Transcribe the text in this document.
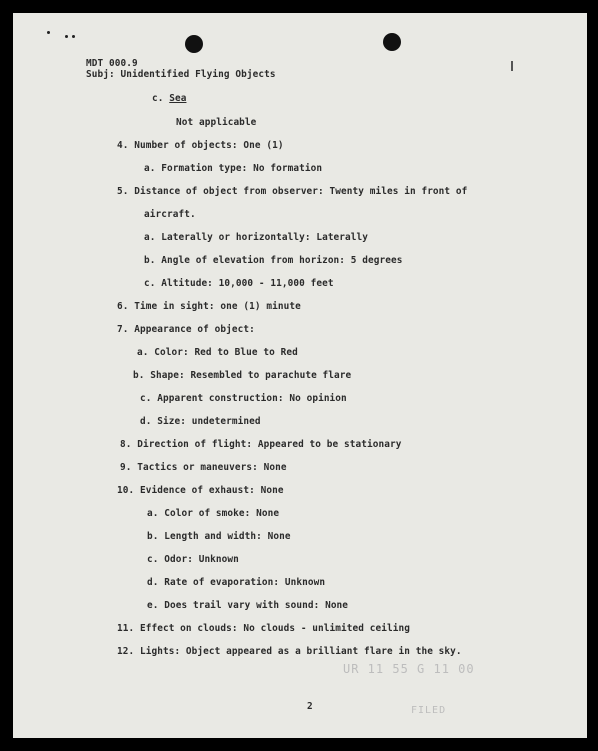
MDT 000.9
Subj: Unidentified Flying Objects
c. Sea
Not applicable
4. Number of objects: One (1)
a. Formation type: No formation
5. Distance of object from observer: Twenty miles in front of
aircraft.
a. Laterally or horizontally: Laterally
b. Angle of elevation from horizon: 5 degrees
c. Altitude: 10,000 - 11,000 feet
6. Time in sight: one (1) minute
7. Appearance of object:
a. Color: Red to Blue to Red
b. Shape: Resembled to parachute flare
c. Apparent construction: No opinion
d. Size: undetermined
8. Direction of flight: Appeared to be stationary
9. Tactics or maneuvers: None
10. Evidence of exhaust: None
a. Color of smoke: None
b. Length and width: None
c. Odor: Unknown
d. Rate of evaporation: Unknown
e. Does trail vary with sound: None
11. Effect on clouds: No clouds - unlimited ceiling
12. Lights: Object appeared as a brilliant flare in the sky.
UR 11 55 G 11 00
FILED
2
